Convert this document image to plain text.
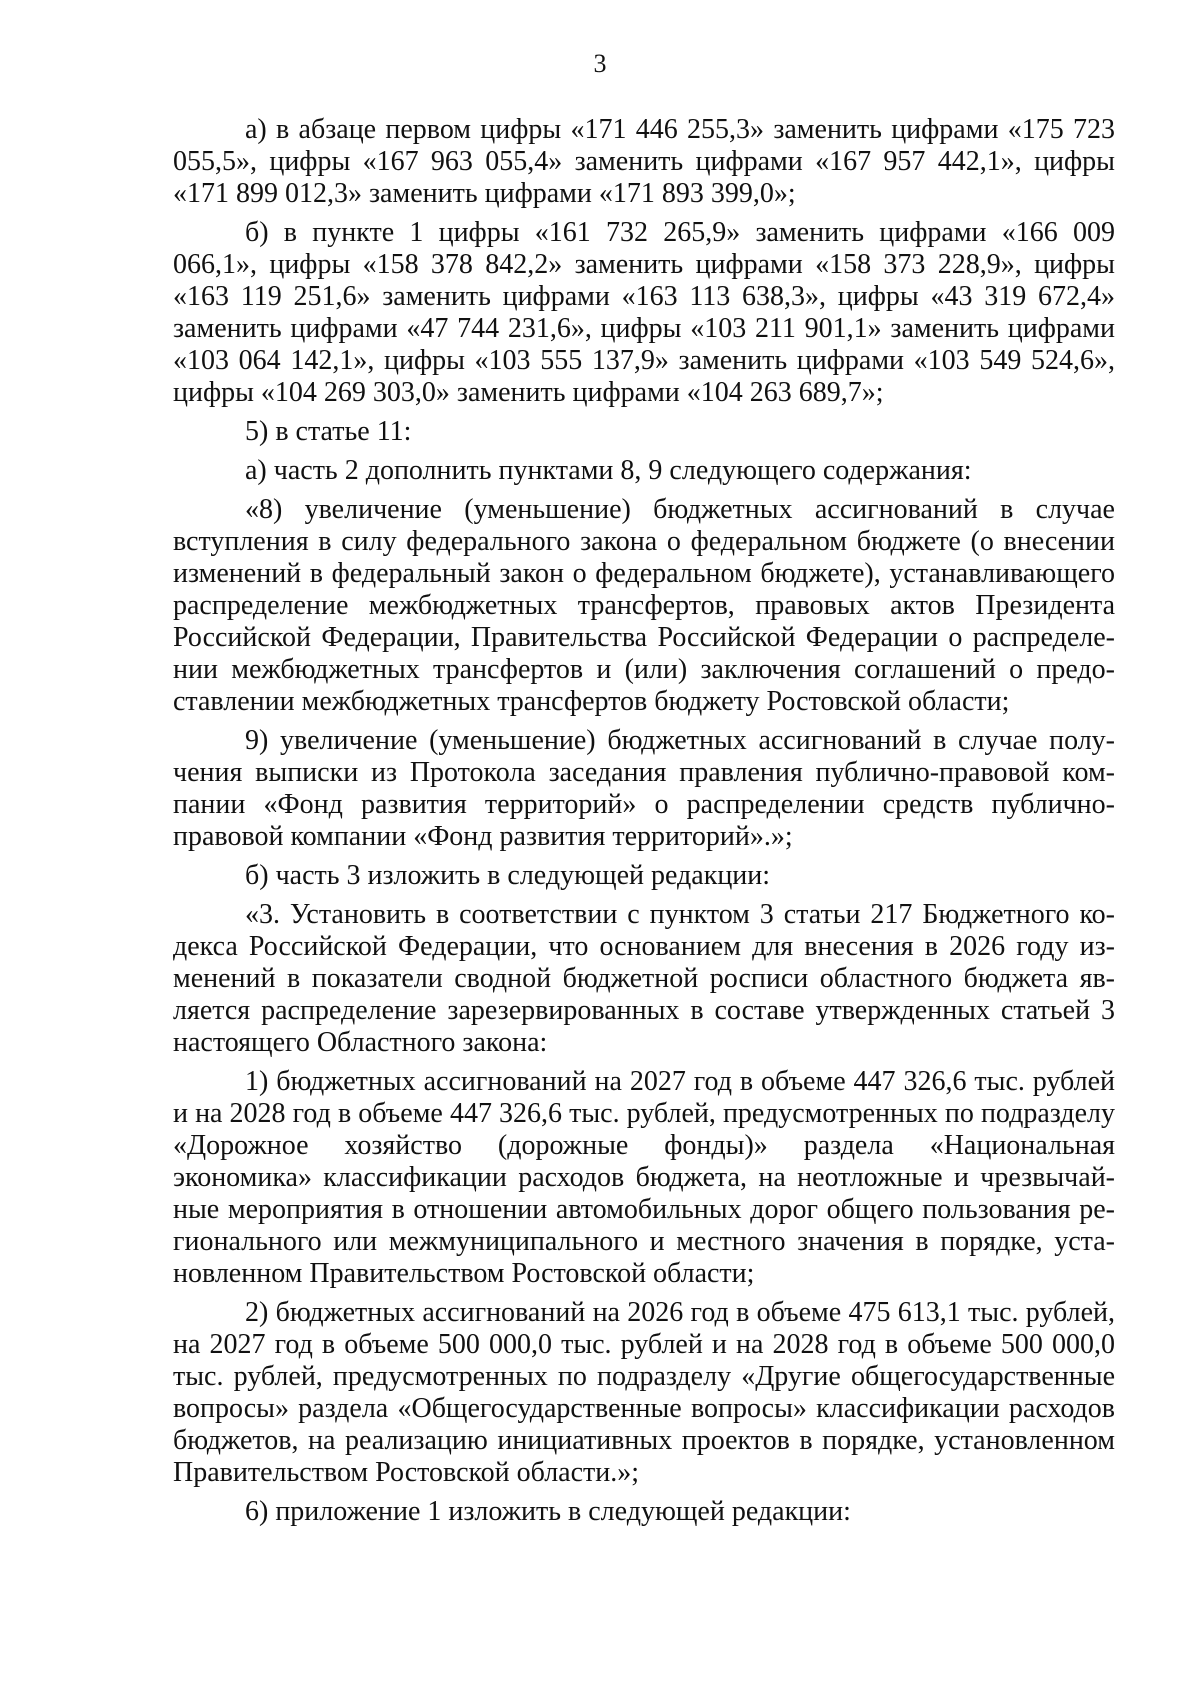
3

а) в абзаце первом цифры «171 446 255,3» заменить цифрами «175 723 055,5», цифры «167 963 055,4» заменить цифрами «167 957 442,1», цифры «171 899 012,3» заменить цифрами «171 893 399,0»;

б) в пункте 1 цифры «161 732 265,9» заменить цифрами «166 009 066,1», цифры «158 378 842,2» заменить цифрами «158 373 228,9», цифры «163 119 251,6» заменить цифрами «163 113 638,3», цифры «43 319 672,4» заменить цифрами «47 744 231,6», цифры «103 211 901,1» заменить цифрами «103 064 142,1», цифры «103 555 137,9» заменить цифрами «103 549 524,6», цифры «104 269 303,0» заменить цифрами «104 263 689,7»;

5) в статье 11:

а) часть 2 дополнить пунктами 8, 9 следующего содержания:

«8) увеличение (уменьшение) бюджетных ассигнований в случае вступления в силу федерального закона о федеральном бюджете (о внесении изменений в федеральный закон о федеральном бюджете), устанавливающего распределение межбюджетных трансфертов, правовых актов Президента Российской Федерации, Правительства Российской Федерации о распределении межбюджетных трансфертов и (или) заключения соглашений о предоставлении межбюджетных трансфертов бюджету Ростовской области;

9) увеличение (уменьшение) бюджетных ассигнований в случае получения выписки из Протокола заседания правления публично-правовой компании «Фонд развития территорий» о распределении средств публично-правовой компании «Фонд развития территорий».»;

б) часть 3 изложить в следующей редакции:

«3. Установить в соответствии с пунктом 3 статьи 217 Бюджетного кодекса Российской Федерации, что основанием для внесения в 2026 году изменений в показатели сводной бюджетной росписи областного бюджета является распределение зарезервированных в составе утвержденных статьей 3 настоящего Областного закона:

1) бюджетных ассигнований на 2027 год в объеме 447 326,6 тыс. рублей и на 2028 год в объеме 447 326,6 тыс. рублей, предусмотренных по подразделу «Дорожное хозяйство (дорожные фонды)» раздела «Национальная экономика» классификации расходов бюджета, на неотложные и чрезвычайные мероприятия в отношении автомобильных дорог общего пользования регионального или межмуниципального и местного значения в порядке, установленном Правительством Ростовской области;

2) бюджетных ассигнований на 2026 год в объеме 475 613,1 тыс. рублей, на 2027 год в объеме 500 000,0 тыс. рублей и на 2028 год в объеме 500 000,0 тыс. рублей, предусмотренных по подразделу «Другие общегосударственные вопросы» раздела «Общегосударственные вопросы» классификации расходов бюджетов, на реализацию инициативных проектов в порядке, установленном Правительством Ростовской области.»;

6) приложение 1 изложить в следующей редакции:
